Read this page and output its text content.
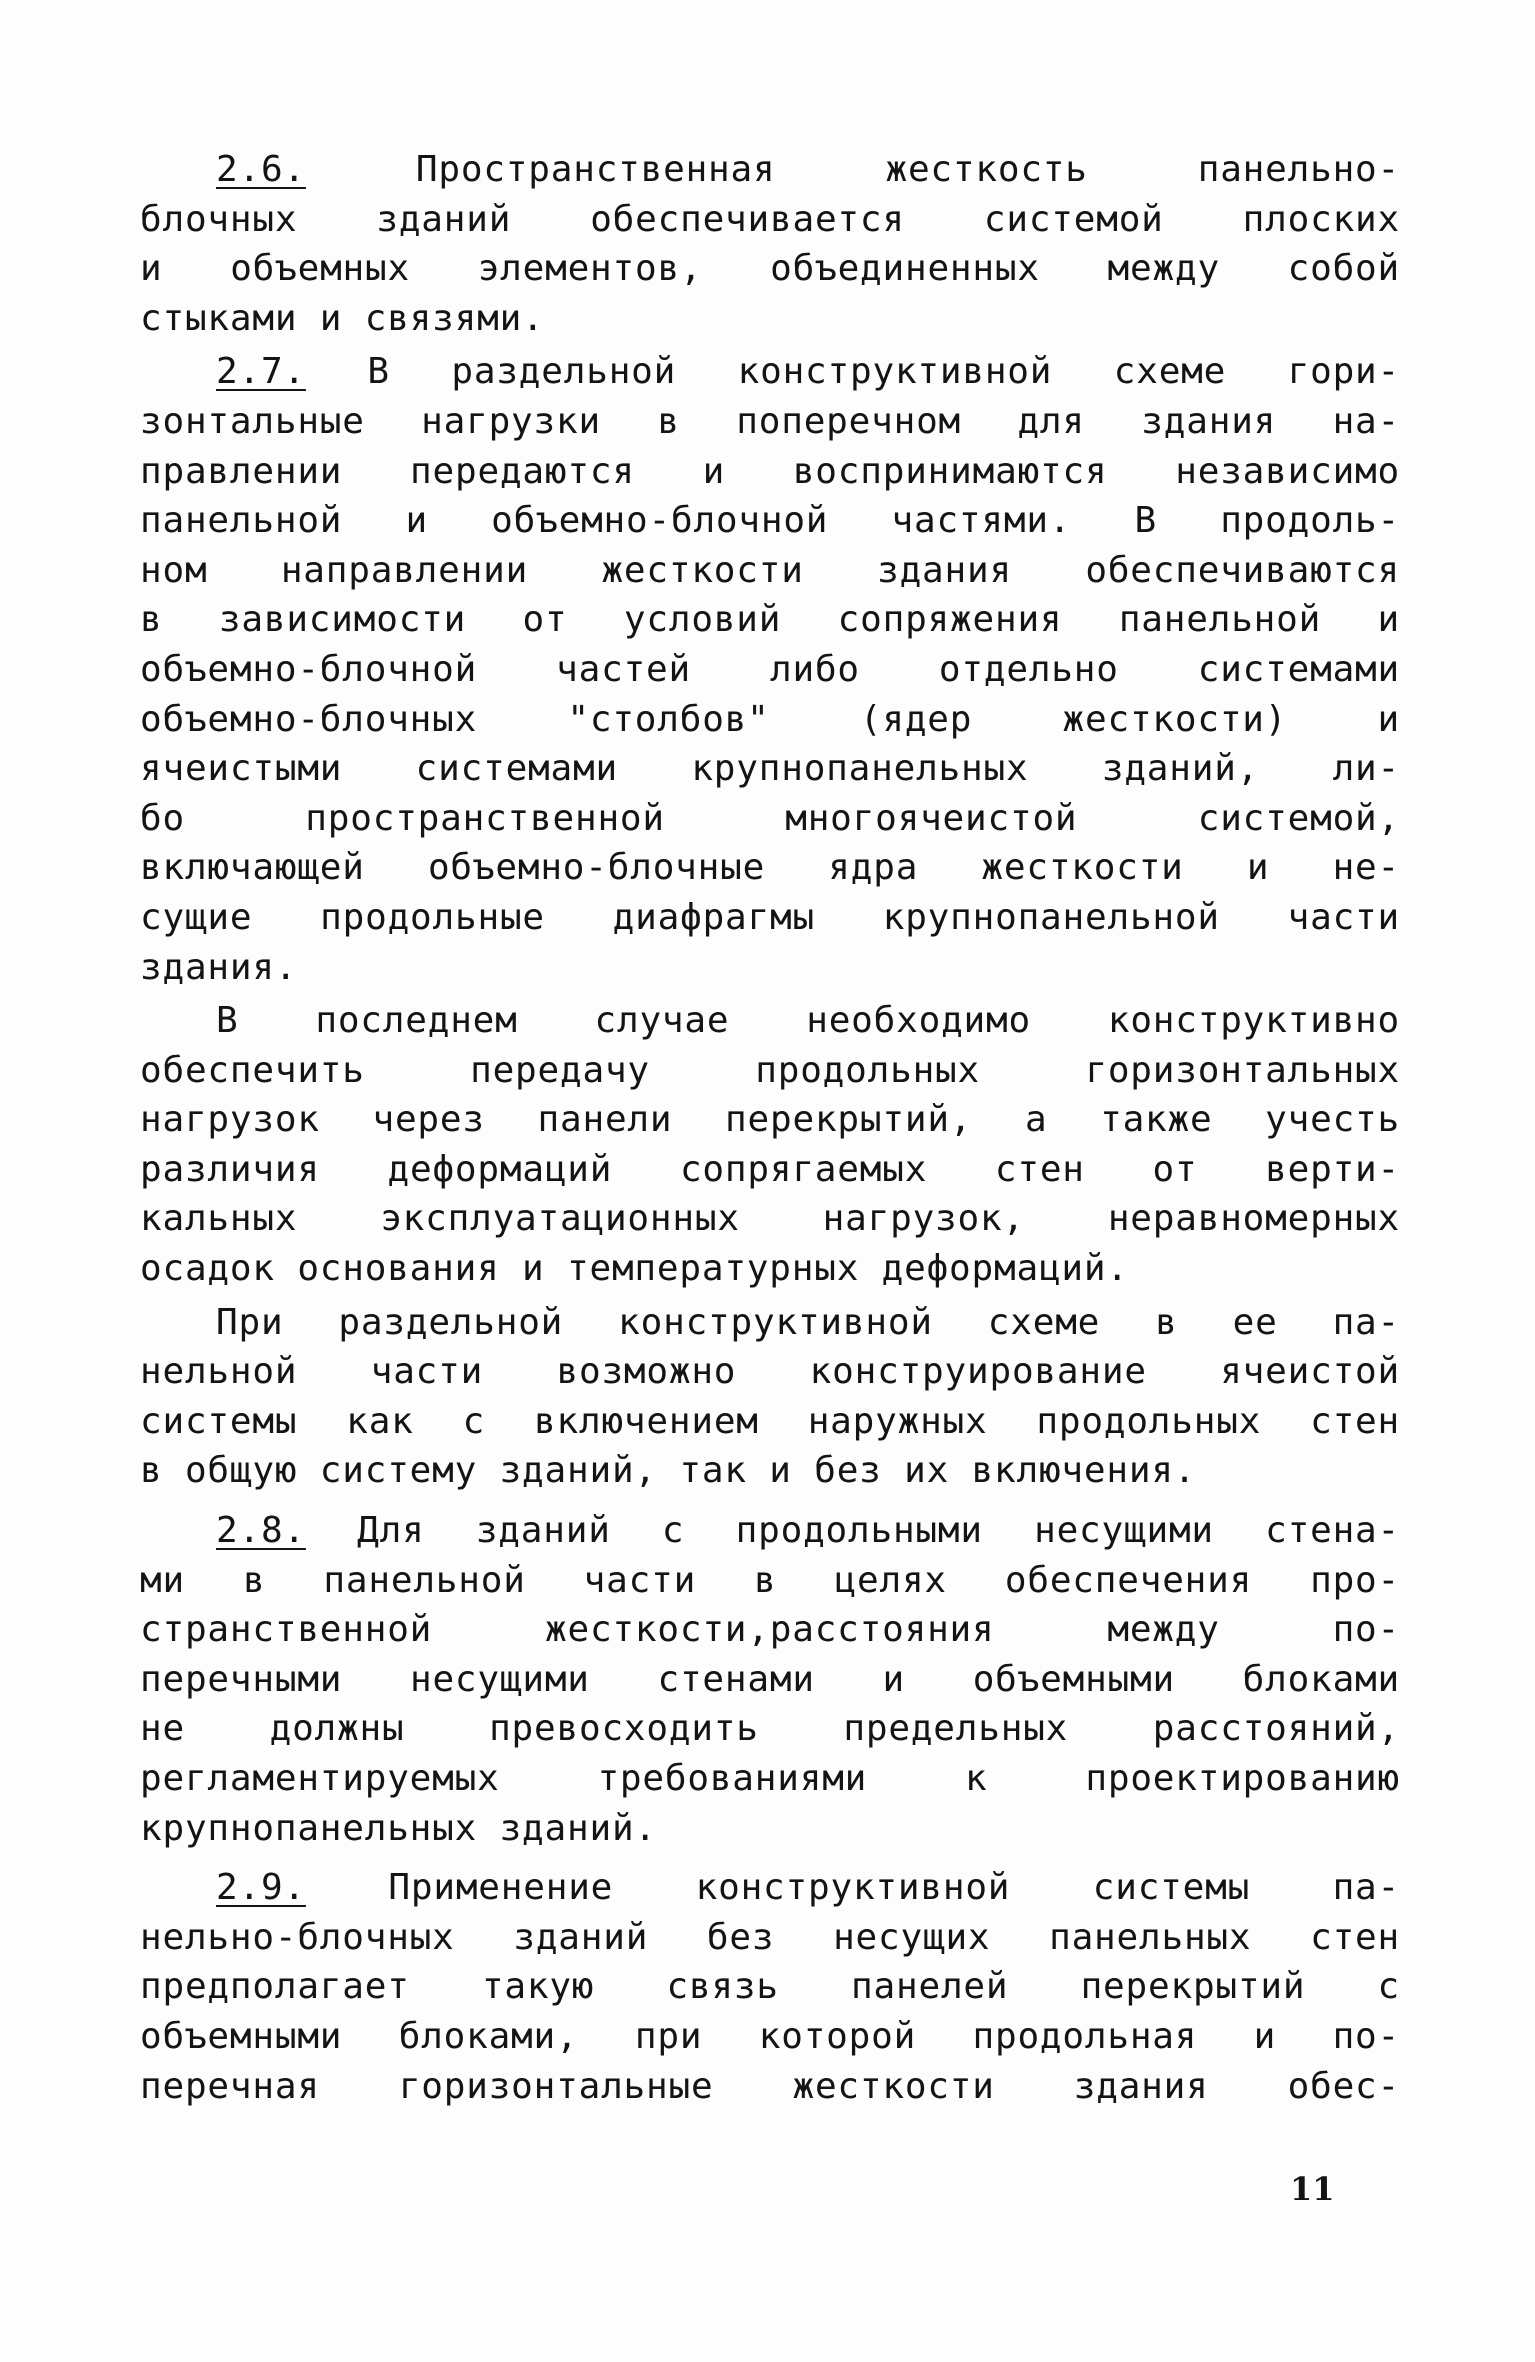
2.6. Пространственная жесткость панельно-
блочных зданий обеспечивается системой плоских
и объемных элементов, объединенных между собой
стыками и связями.
2.7. В раздельной конструктивной схеме гори-
зонтальные нагрузки в поперечном для здания на-
правлении передаются и воспринимаются независимо
панельной и объемно-блочной частями. В продоль-
ном направлении жесткости здания обеспечиваются
в зависимости от условий сопряжения панельной и
объемно-блочной частей либо отдельно системами
объемно-блочных "столбов" (ядер жесткости) и
ячеистыми системами крупнопанельных зданий, ли-
бо пространственной многоячеистой системой,
включающей объемно-блочные ядра жесткости и не-
сущие продольные диафрагмы крупнопанельной части
здания.
В последнем случае необходимо конструктивно
обеспечить передачу продольных горизонтальных
нагрузок через панели перекрытий, а также учесть
различия деформаций сопрягаемых стен от верти-
кальных эксплуатационных нагрузок, неравномерных
осадок основания и температурных деформаций.
При раздельной конструктивной схеме в ее па-
нельной части возможно конструирование ячеистой
системы как с включением наружных продольных стен
в общую систему зданий, так и без их включения.
2.8. Для зданий с продольными несущими стена-
ми в панельной части в целях обеспечения про-
странственной жесткости,расстояния между по-
перечными несущими стенами и объемными блоками
не должны превосходить предельных расстояний,
регламентируемых требованиями к проектированию
крупнопанельных зданий.
2.9. Применение конструктивной системы па-
нельно-блочных зданий без несущих панельных стен
предполагает такую связь панелей перекрытий с
объемными блоками, при которой продольная и по-
перечная горизонтальные жесткости здания обес-
11
